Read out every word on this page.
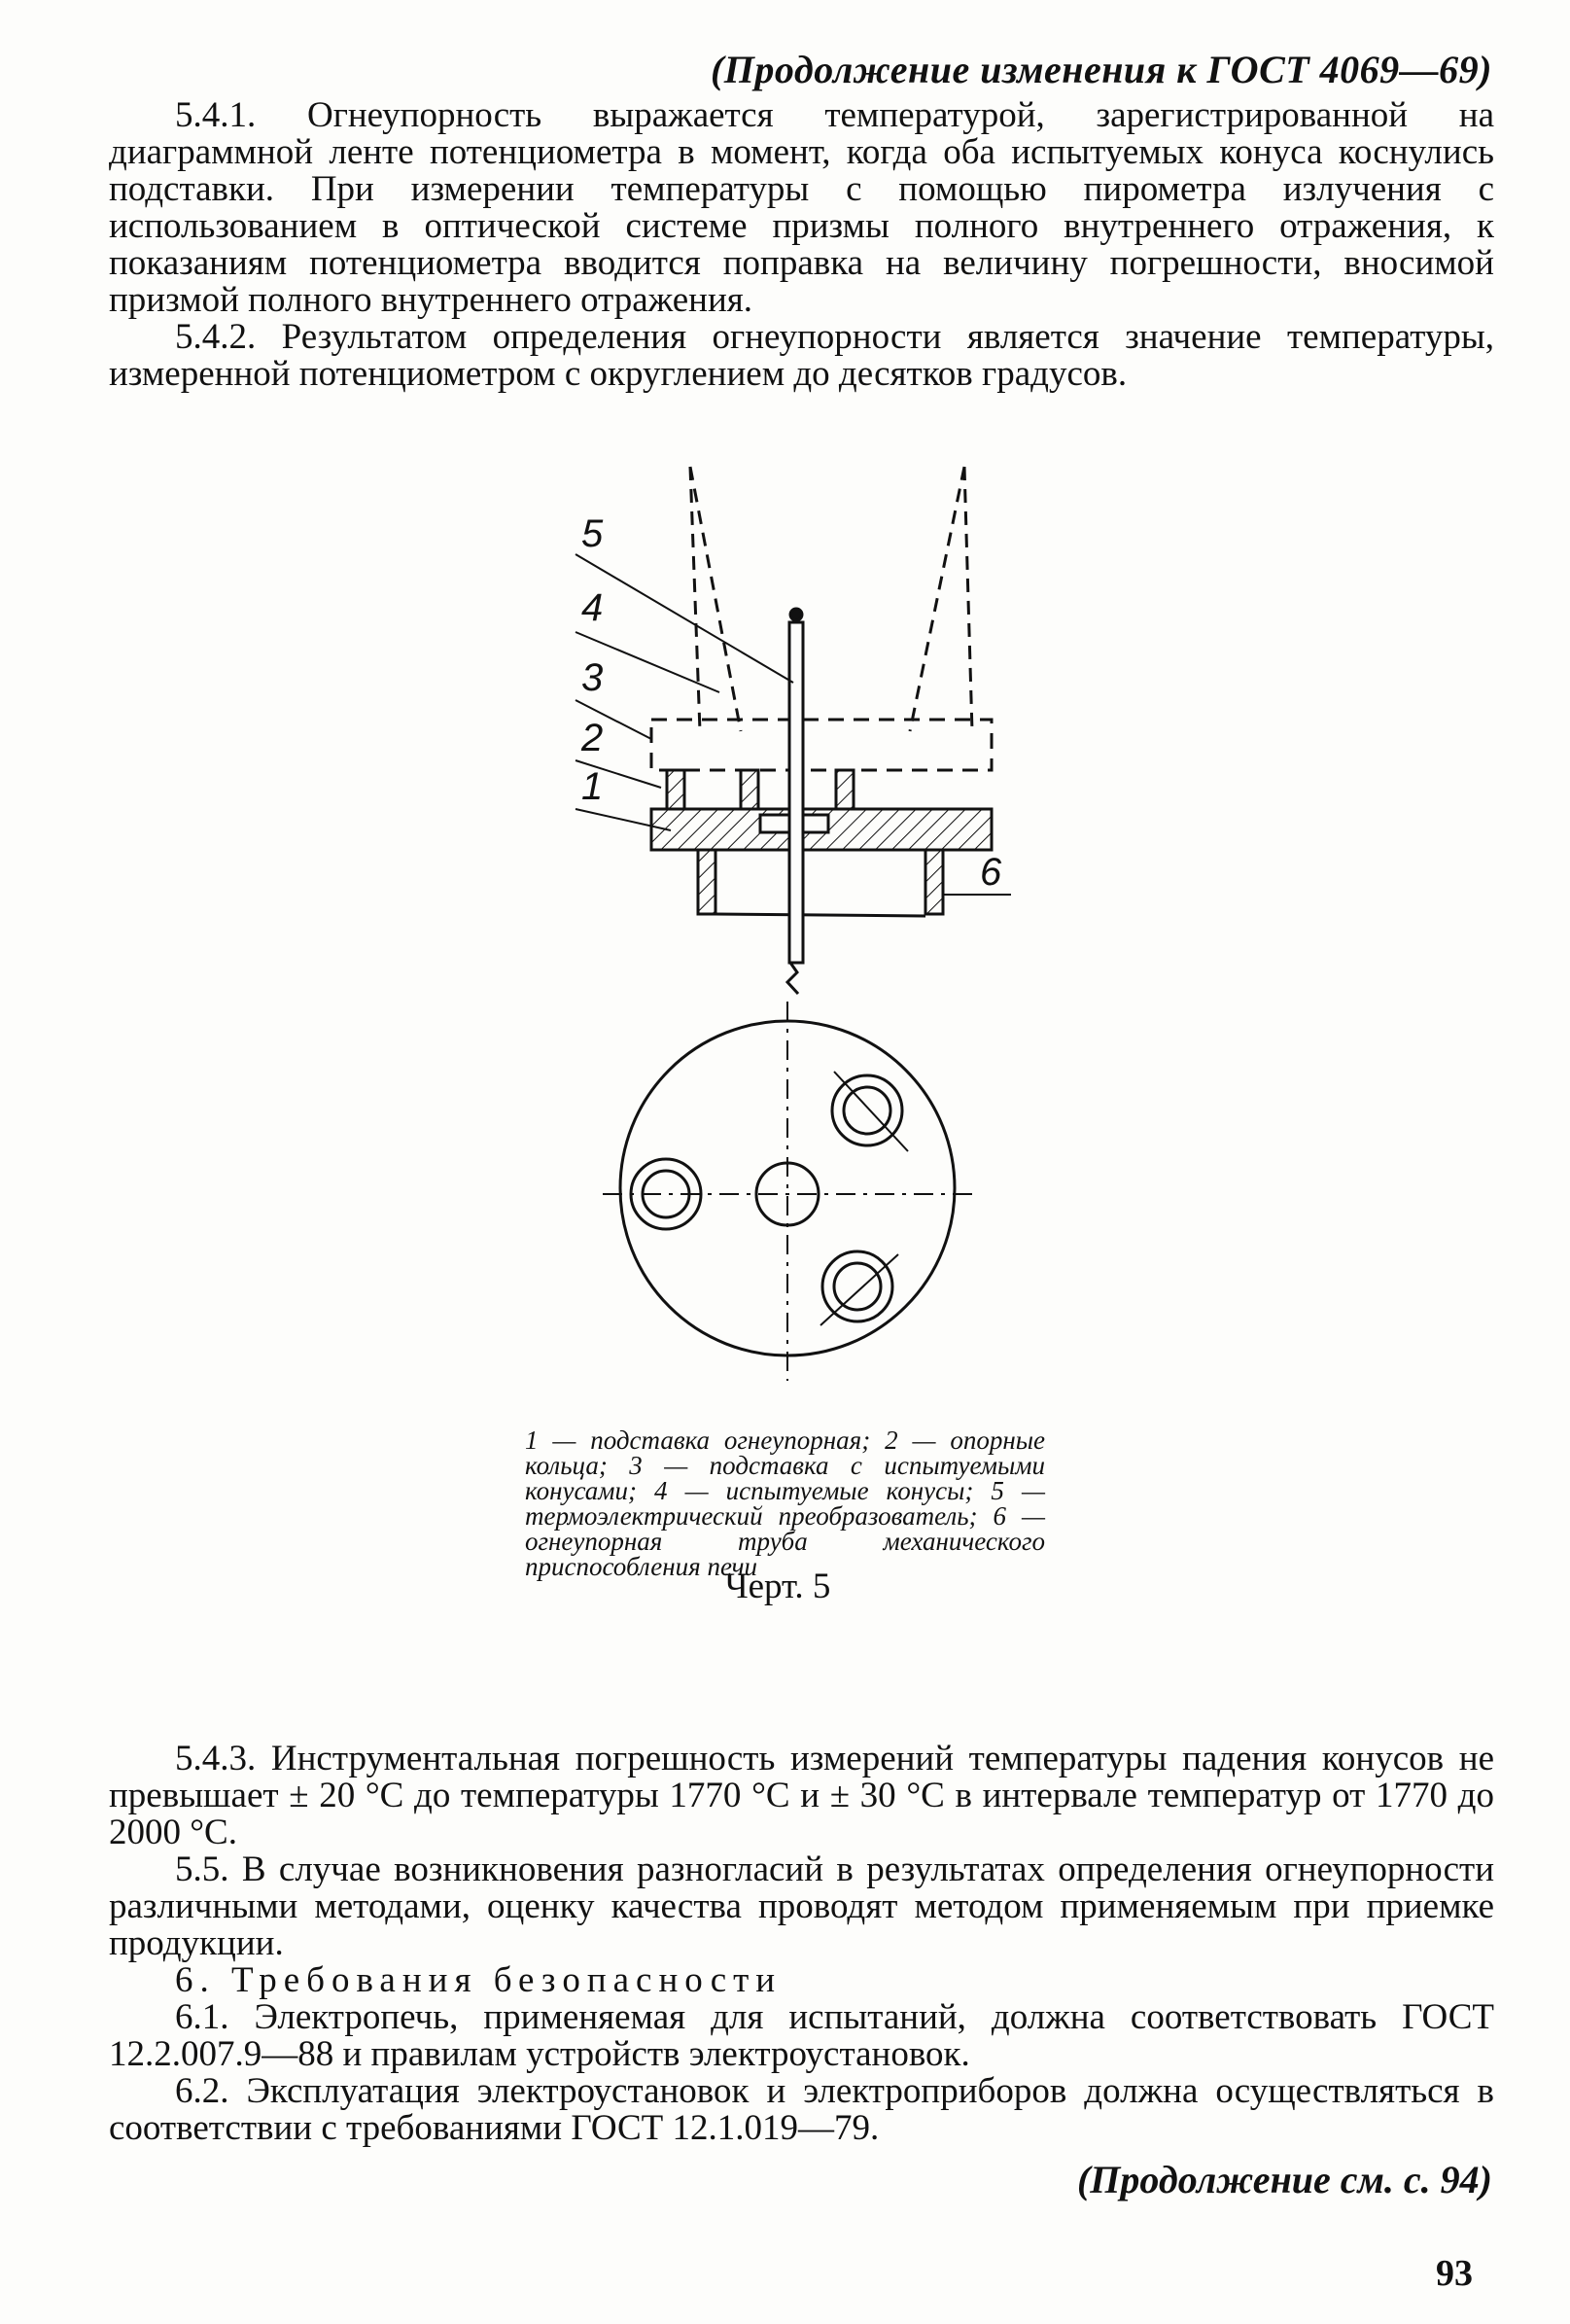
(Продолжение изменения к ГОСТ 4069—69)

5.4.1. Огнеупорность выражается температурой, зарегистрированной на диаграммной ленте потенциометра в момент, когда оба испытуемых конуса коснулись подставки. При измерении температуры с помощью пирометра излучения с использованием в оптической системе призмы полного внутреннего отражения, к показаниям потенциометра вводится поправка на величину погрешности, вносимой призмой полного внутреннего отражения.

5.4.2. Результатом определения огнеупорности является значение температуры, измеренной потенциометром с округлением до десятков градусов.

5
4
3
2
1
6
1 — подставка огнеупорная; 2 — опорные кольца; 3 — подставка с испытуемыми конусами; 4 — испытуемые конусы; 5 — термоэлектрический преобразователь; 6 — огнеупорная труба механического приспособления печи
Черт. 5

5.4.3. Инструментальная погрешность измерений температуры падения конусов не превышает ± 20 °С до температуры 1770 °С и ± 30 °С в интервале температур от 1770 до 2000 °С.

5.5. В случае возникновения разногласий в результатах определения огнеупорности различными методами, оценку качества проводят методом применяемым при приемке продукции.

6. Требования безопасности

6.1. Электропечь, применяемая для испытаний, должна соответствовать ГОСТ 12.2.007.9—88 и правилам устройств электроустановок.

6.2. Эксплуатация электроустановок и электроприборов должна осуществляться в соответствии с требованиями ГОСТ 12.1.019—79.

(Продолжение см. с. 94)
93
